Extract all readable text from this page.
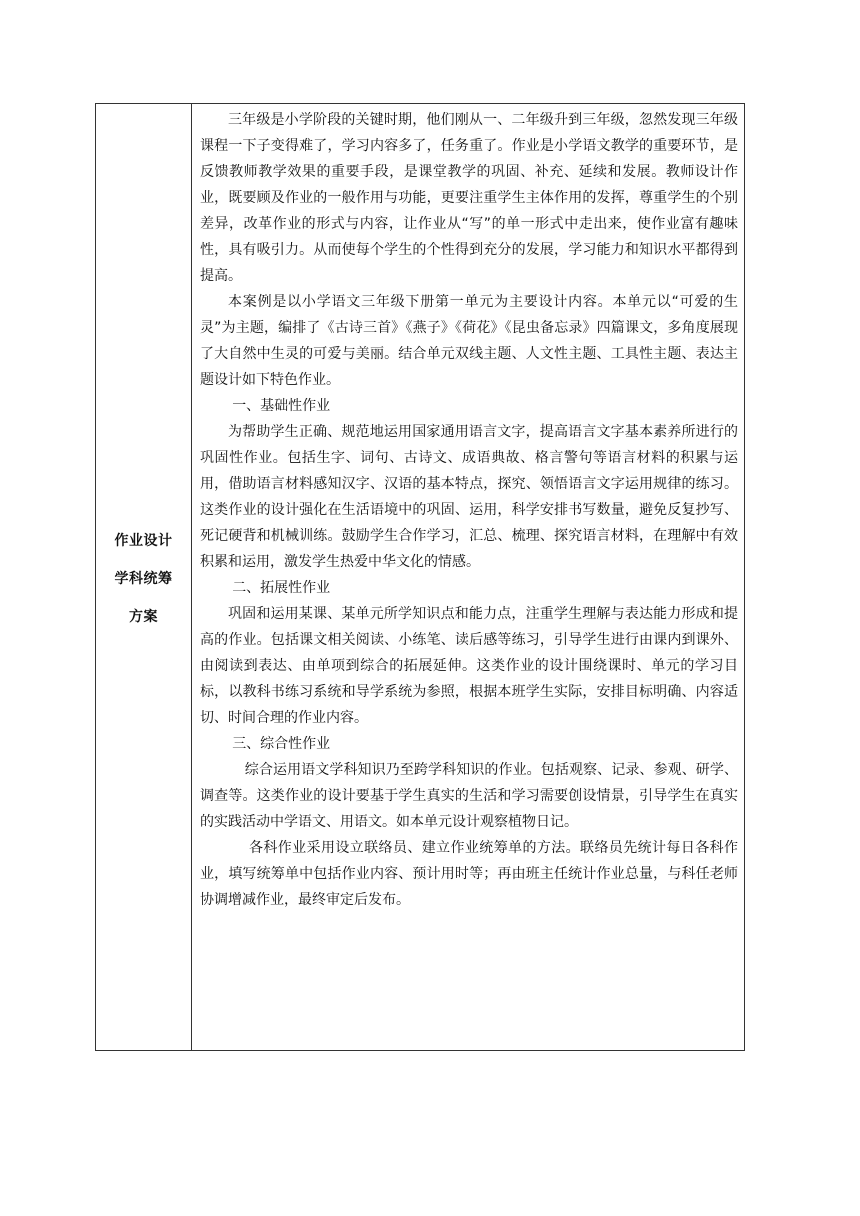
作业设计
学科统筹
方案

三年级是小学阶段的关键时期，他们刚从一、二年级升到三年级，忽然发现三年级课程一下子变得难了，学习内容多了，任务重了。作业是小学语文教学的重要环节，是反馈教师教学效果的重要手段，是课堂教学的巩固、补充、延续和发展。教师设计作业，既要顾及作业的一般作用与功能，更要注重学生主体作用的发挥，尊重学生的个别差异，改革作业的形式与内容，让作业从“写”的单一形式中走出来，使作业富有趣味性，具有吸引力。从而使每个学生的个性得到充分的发展，学习能力和知识水平都得到提高。

本案例是以小学语文三年级下册第一单元为主要设计内容。本单元以“可爱的生灵”为主题，编排了《古诗三首》《燕子》《荷花》《昆虫备忘录》四篇课文，多角度展现了大自然中生灵的可爱与美丽。结合单元双线主题、人文性主题、工具性主题、表达主题设计如下特色作业。

一、基础性作业

为帮助学生正确、规范地运用国家通用语言文字，提高语言文字基本素养所进行的巩固性作业。包括生字、词句、古诗文、成语典故、格言警句等语言材料的积累与运用，借助语言材料感知汉字、汉语的基本特点，探究、领悟语言文字运用规律的练习。这类作业的设计强化在生活语境中的巩固、运用，科学安排书写数量，避免反复抄写、死记硬背和机械训练。鼓励学生合作学习，汇总、梳理、探究语言材料，在理解中有效积累和运用，激发学生热爱中华文化的情感。

二、拓展性作业

巩固和运用某课、某单元所学知识点和能力点，注重学生理解与表达能力形成和提高的作业。包括课文相关阅读、小练笔、读后感等练习，引导学生进行由课内到课外、由阅读到表达、由单项到综合的拓展延伸。这类作业的设计围绕课时、单元的学习目标，以教科书练习系统和导学系统为参照，根据本班学生实际，安排目标明确、内容适切、时间合理的作业内容。

三、综合性作业

综合运用语文学科知识乃至跨学科知识的作业。包括观察、记录、参观、研学、调查等。这类作业的设计要基于学生真实的生活和学习需要创设情景，引导学生在真实的实践活动中学语文、用语文。如本单元设计观察植物日记。

各科作业采用设立联络员、建立作业统筹单的方法。联络员先统计每日各科作业，填写统筹单中包括作业内容、预计用时等；再由班主任统计作业总量，与科任老师协调增减作业，最终审定后发布。
